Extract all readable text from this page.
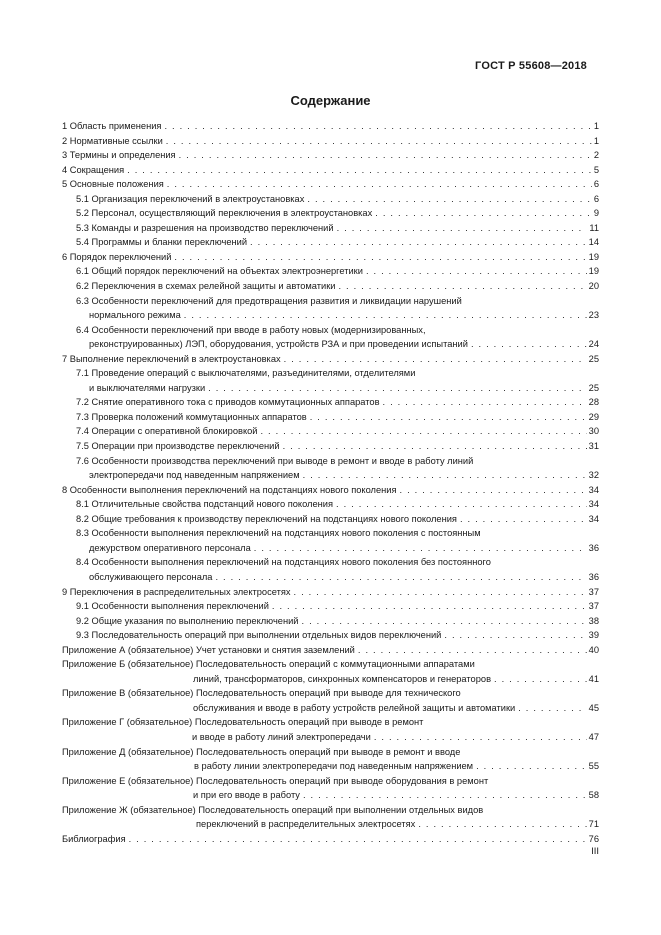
ГОСТ Р 55608—2018
Содержание
1 Область применения . . .	1
2 Нормативные ссылки . . .	1
3 Термины и определения . . .	2
4 Сокращения . . .	5
5 Основные положения . . .	6
5.1 Организация переключений в электроустановках . . .	6
5.2 Персонал, осуществляющий переключения в электроустановках . . .	9
5.3 Команды и разрешения на производство переключений . . .	11
5.4 Программы и бланки переключений . . .	14
6 Порядок переключений . . .	19
6.1 Общий порядок переключений на объектах электроэнергетики . . .	19
6.2 Переключения в схемах релейной защиты и автоматики . . .	20
6.3 Особенности переключений для предотвращения развития и ликвидации нарушений
нормального режима . . .	23
6.4 Особенности переключений при вводе в работу новых (модернизированных,
реконструированных) ЛЭП, оборудования, устройств РЗА и при проведении испытаний . . .	24
7 Выполнение переключений в электроустановках . . .	25
7.1 Проведение операций с выключателями, разъединителями, отделителями
и выключателями нагрузки . . .	25
7.2 Снятие оперативного тока с приводов коммутационных аппаратов . . .	28
7.3 Проверка положений коммутационных аппаратов . . .	29
7.4 Операции с оперативной блокировкой . . .	30
7.5 Операции при производстве переключений . . .	31
7.6 Особенности производства переключений при выводе в ремонт и вводе в работу линий
электропередачи под наведенным напряжением . . .	32
8 Особенности выполнения переключений на подстанциях нового поколения . . .	34
8.1 Отличительные свойства подстанций нового поколения . . .	34
8.2 Общие требования к производству переключений на подстанциях нового поколения . . .	34
8.3 Особенности выполнения переключений на подстанциях нового поколения с постоянным
дежурством оперативного персонала . . .	36
8.4 Особенности выполнения переключений на подстанциях нового поколения без постоянного
обслуживающего персонала . . .	36
9 Переключения в распределительных электросетях . . .	37
9.1 Особенности выполнения переключений . . .	37
9.2 Общие указания по выполнению переключений . . .	38
9.3 Последовательность операций при выполнении отдельных видов переключений . . .	39
Приложение А (обязательное) Учет установки и снятия заземлений . . .	40
Приложение Б (обязательное) Последовательность операций с коммутационными аппаратами
линий, трансформаторов, синхронных компенсаторов и генераторов . . .	41
Приложение В (обязательное) Последовательность операций при выводе для технического
обслуживания и вводе в работу устройств релейной защиты и автоматики . . .	45
Приложение Г (обязательное) Последовательность операций при выводе в ремонт
и вводе в работу линий электропередачи . . .	47
Приложение Д (обязательное) Последовательность операций при выводе в ремонт и вводе
в работу линии электропередачи под наведенным напряжением . . .	55
Приложение Е (обязательное) Последовательность операций при выводе оборудования в ремонт
и при его вводе в работу . . .	58
Приложение Ж (обязательное) Последовательность операций при выполнении отдельных видов
переключений в распределительных электросетях . . .	71
Библиография . . .	76
III
